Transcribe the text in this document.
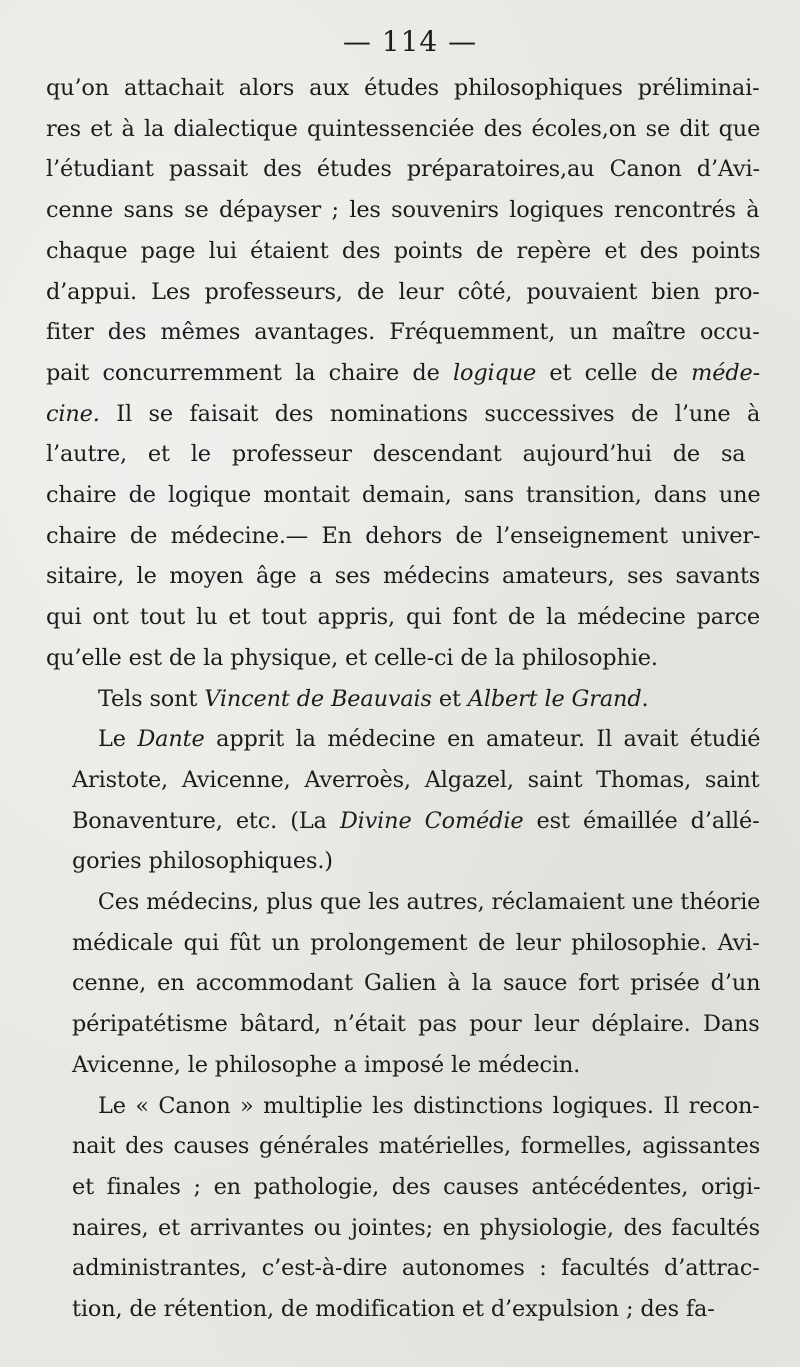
— 114 —

qu’on attachait alors aux études philosophiques préliminai-
res et à la dialectique quintessenciée des écoles,on se dit que
l’étudiant passait des études préparatoires,au Canon d’Avi-
cenne sans se dépayser ; les souvenirs logiques rencontrés à
chaque page lui étaient des points de repère et des points
d’appui. Les professeurs, de leur côté, pouvaient bien pro-
fiter des mêmes avantages. Fréquemment, un maître occu-
pait concurremment la chaire de logique et celle de méde-
cine. Il se faisait des nominations successives de l’une à
l’autre, et le professeur descendant aujourd’hui de sa
chaire de logique montait demain, sans transition, dans une
chaire de médecine.— En dehors de l’enseignement univer-
sitaire, le moyen âge a ses médecins amateurs, ses savants
qui ont tout lu et tout appris, qui font de la médecine parce
qu’elle est de la physique, et celle-ci de la philosophie.

Tels sont Vincent de Beauvais et Albert le Grand.

Le Dante apprit la médecine en amateur. Il avait étudié
Aristote, Avicenne, Averroès, Algazel, saint Thomas, saint
Bonaventure, etc. (La Divine Comédie est émaillée d’allé-
gories philosophiques.)

Ces médecins, plus que les autres, réclamaient une théorie
médicale qui fût un prolongement de leur philosophie. Avi-
cenne, en accommodant Galien à la sauce fort prisée d’un
péripatétisme bâtard, n’était pas pour leur déplaire. Dans
Avicenne, le philosophe a imposé le médecin.

Le « Canon » multiplie les distinctions logiques. Il recon-
nait des causes générales matérielles, formelles, agissantes
et finales ; en pathologie, des causes antécédentes, origi-
naires, et arrivantes ou jointes; en physiologie, des facultés
administrantes, c’est-à-dire autonomes : facultés d’attrac-
tion, de rétention, de modification et d’expulsion ; des fa-
